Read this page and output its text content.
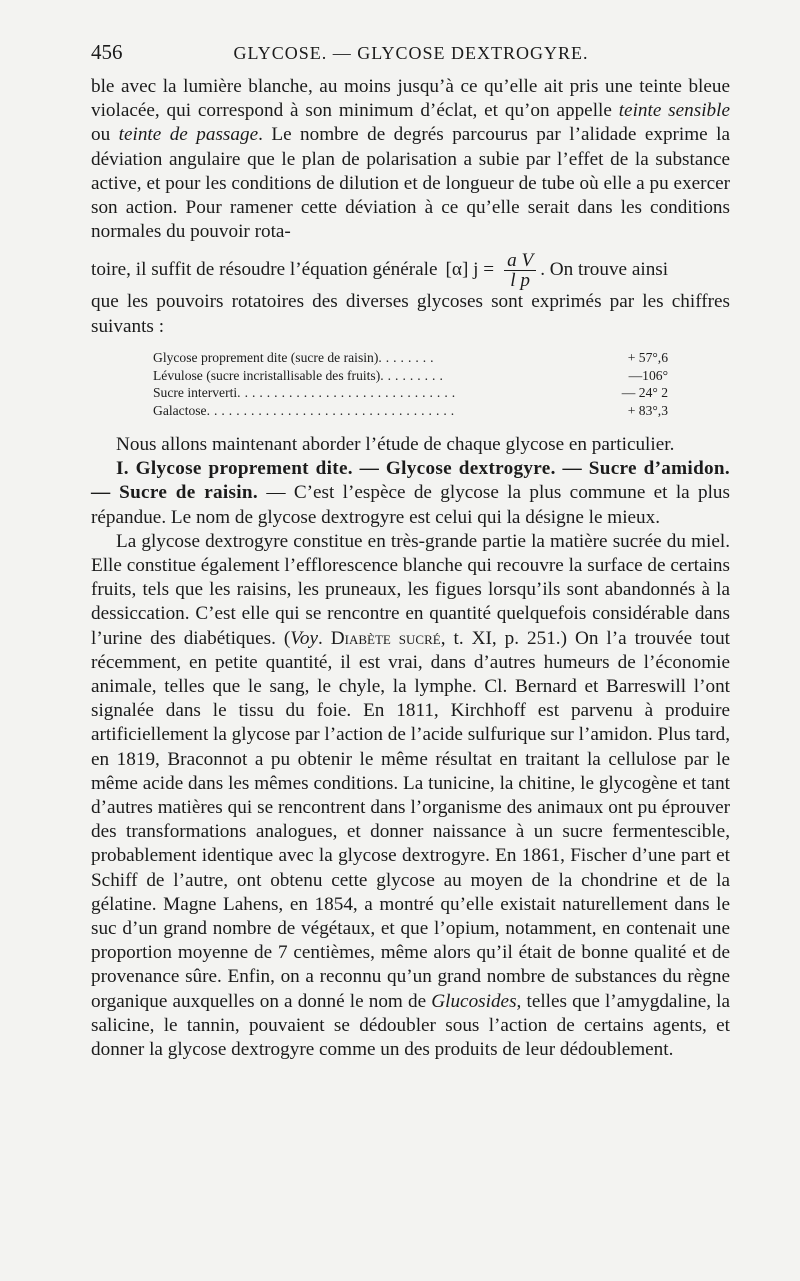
456	GLYCOSE. — GLYCOSE DEXTROGYRE.

ble avec la lumière blanche, au moins jusqu’à ce qu’elle ait pris une teinte bleue violacée, qui correspond à son minimum d’éclat, et qu’on appelle teinte sensible ou teinte de passage. Le nombre de degrés parcourus par l’alidade exprime la déviation angulaire que le plan de polarisation a subie par l’effet de la substance active, et pour les conditions de dilution et de longueur de tube où elle a pu exercer son action. Pour ramener cette déviation à ce qu’elle serait dans les conditions normales du pouvoir rota-

toire, il suffit de résoudre l’équation générale [α] $j = \frac{\text{a V}}{\text{l p}}$ . On trouve ainsi

que les pouvoirs rotatoires des diverses glycoses sont exprimés par les chiffres suivants :

Glycose proprement dite (sucre de raisin)........	+ 57°,6
Lévulose (sucre incristallisable des fruits).........	—106°
Sucre interverti..............................	— 24° 2
Galactose..................................	+ 83°,3

Nous allons maintenant aborder l’étude de chaque glycose en particulier.

I. Glycose proprement dite. — Glycose dextrogyre. — Sucre d’amidon. — Sucre de raisin. — C’est l’espèce de glycose la plus commune et la plus répandue. Le nom de glycose dextrogyre est celui qui la désigne le mieux.

La glycose dextrogyre constitue en très-grande partie la matière sucrée du miel. Elle constitue également l’efflorescence blanche qui recouvre la surface de certains fruits, tels que les raisins, les pruneaux, les figues lorsqu’ils sont abandonnés à la dessiccation. C’est elle qui se rencontre en quantité quelquefois considérable dans l’urine des diabétiques. (Voy. Diabète sucré, t. XI, p. 251.) On l’a trouvée tout récemment, en petite quantité, il est vrai, dans d’autres humeurs de l’économie animale, telles que le sang, le chyle, la lymphe. Cl. Bernard et Barreswill l’ont signalée dans le tissu du foie. En 1811, Kirchhoff est parvenu à produire artificiellement la glycose par l’action de l’acide sulfurique sur l’amidon. Plus tard, en 1819, Braconnot a pu obtenir le même résultat en traitant la cellulose par le même acide dans les mêmes conditions. La tunicine, la chitine, le glycogène et tant d’autres matières qui se rencontrent dans l’organisme des animaux ont pu éprouver des transformations analogues, et donner naissance à un sucre fermentescible, probablement identique avec la glycose dextrogyre. En 1861, Fischer d’une part et Schiff de l’autre, ont obtenu cette glycose au moyen de la chondrine et de la gélatine. Magne Lahens, en 1854, a montré qu’elle existait naturellement dans le suc d’un grand nombre de végétaux, et que l’opium, notamment, en contenait une proportion moyenne de 7 centièmes, même alors qu’il était de bonne qualité et de provenance sûre. Enfin, on a reconnu qu’un grand nombre de substances du règne organique auxquelles on a donné le nom de Glucosides, telles que l’amygdaline, la salicine, le tannin, pouvaient se dédoubler sous l’action de certains agents, et donner la glycose dextrogyre comme un des produits de leur dédoublement.
